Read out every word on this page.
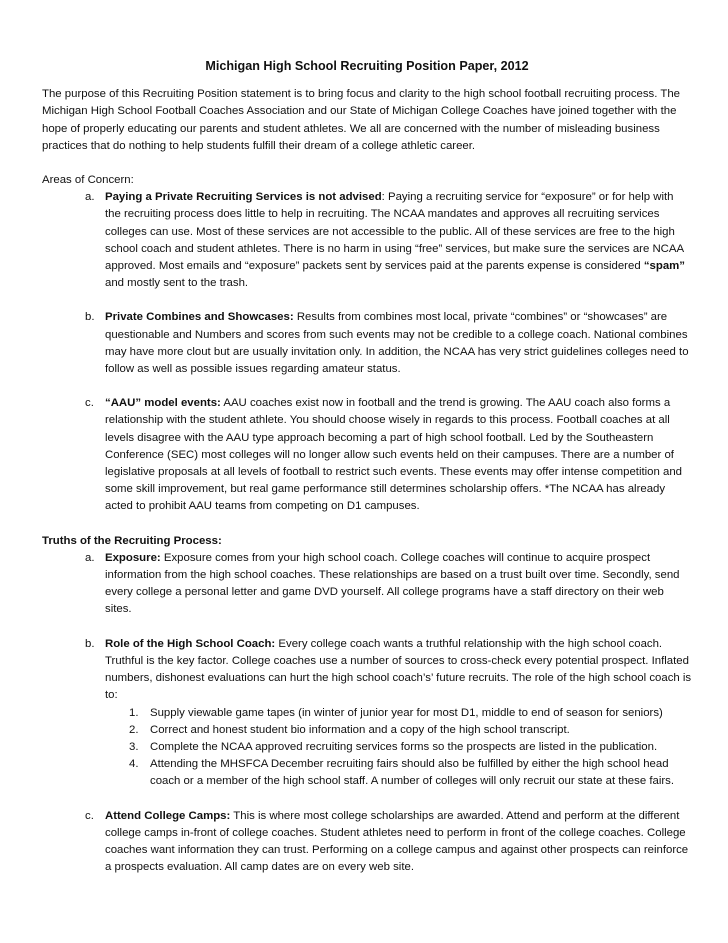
Michigan High School Recruiting Position Paper, 2012

The purpose of this Recruiting Position statement is to bring focus and clarity to the high school football recruiting process. The Michigan High School Football Coaches Association and our State of Michigan College Coaches have joined together with the hope of properly educating our parents and student athletes. We all are concerned with the number of misleading business practices that do nothing to help students fulfill their dream of a college athletic career.

Areas of Concern:

a. Paying a Private Recruiting Services is not advised: Paying a recruiting service for “exposure” or for help with the recruiting process does little to help in recruiting. The NCAA mandates and approves all recruiting services colleges can use. Most of these services are not accessible to the public. All of these services are free to the high school coach and student athletes. There is no harm in using “free” services, but make sure the services are NCAA approved. Most emails and “exposure” packets sent by services paid at the parents expense is considered “spam” and mostly sent to the trash.
b. Private Combines and Showcases: Results from combines most local, private “combines” or “showcases” are questionable and Numbers and scores from such events may not be credible to a college coach. National combines may have more clout but are usually invitation only. In addition, the NCAA has very strict guidelines colleges need to follow as well as possible issues regarding amateur status.
c. “AAU” model events: AAU coaches exist now in football and the trend is growing. The AAU coach also forms a relationship with the student athlete. You should choose wisely in regards to this process. Football coaches at all levels disagree with the AAU type approach becoming a part of high school football. Led by the Southeastern Conference (SEC) most colleges will no longer allow such events held on their campuses. There are a number of legislative proposals at all levels of football to restrict such events. These events may offer intense competition and some skill improvement, but real game performance still determines scholarship offers. *The NCAA has already acted to prohibit AAU teams from competing on D1 campuses.

Truths of the Recruiting Process:

a. Exposure: Exposure comes from your high school coach. College coaches will continue to acquire prospect information from the high school coaches. These relationships are based on a trust built over time. Secondly, send every college a personal letter and game DVD yourself. All college programs have a staff directory on their web sites.
b. Role of the High School Coach: Every college coach wants a truthful relationship with the high school coach. Truthful is the key factor. College coaches use a number of sources to cross-check every potential prospect. Inflated numbers, dishonest evaluations can hurt the high school coach’s’ future recruits. The role of the high school coach is to:
1. Supply viewable game tapes (in winter of junior year for most D1, middle to end of season for seniors)
2. Correct and honest student bio information and a copy of the high school transcript.
3. Complete the NCAA approved recruiting services forms so the prospects are listed in the publication.
4. Attending the MHSFCA December recruiting fairs should also be fulfilled by either the high school head coach or a member of the high school staff. A number of colleges will only recruit our state at these fairs.
c. Attend College Camps: This is where most college scholarships are awarded. Attend and perform at the different college camps in-front of college coaches. Student athletes need to perform in front of the college coaches. College coaches want information they can trust. Performing on a college campus and against other prospects can reinforce a prospects evaluation. All camp dates are on every web site.
